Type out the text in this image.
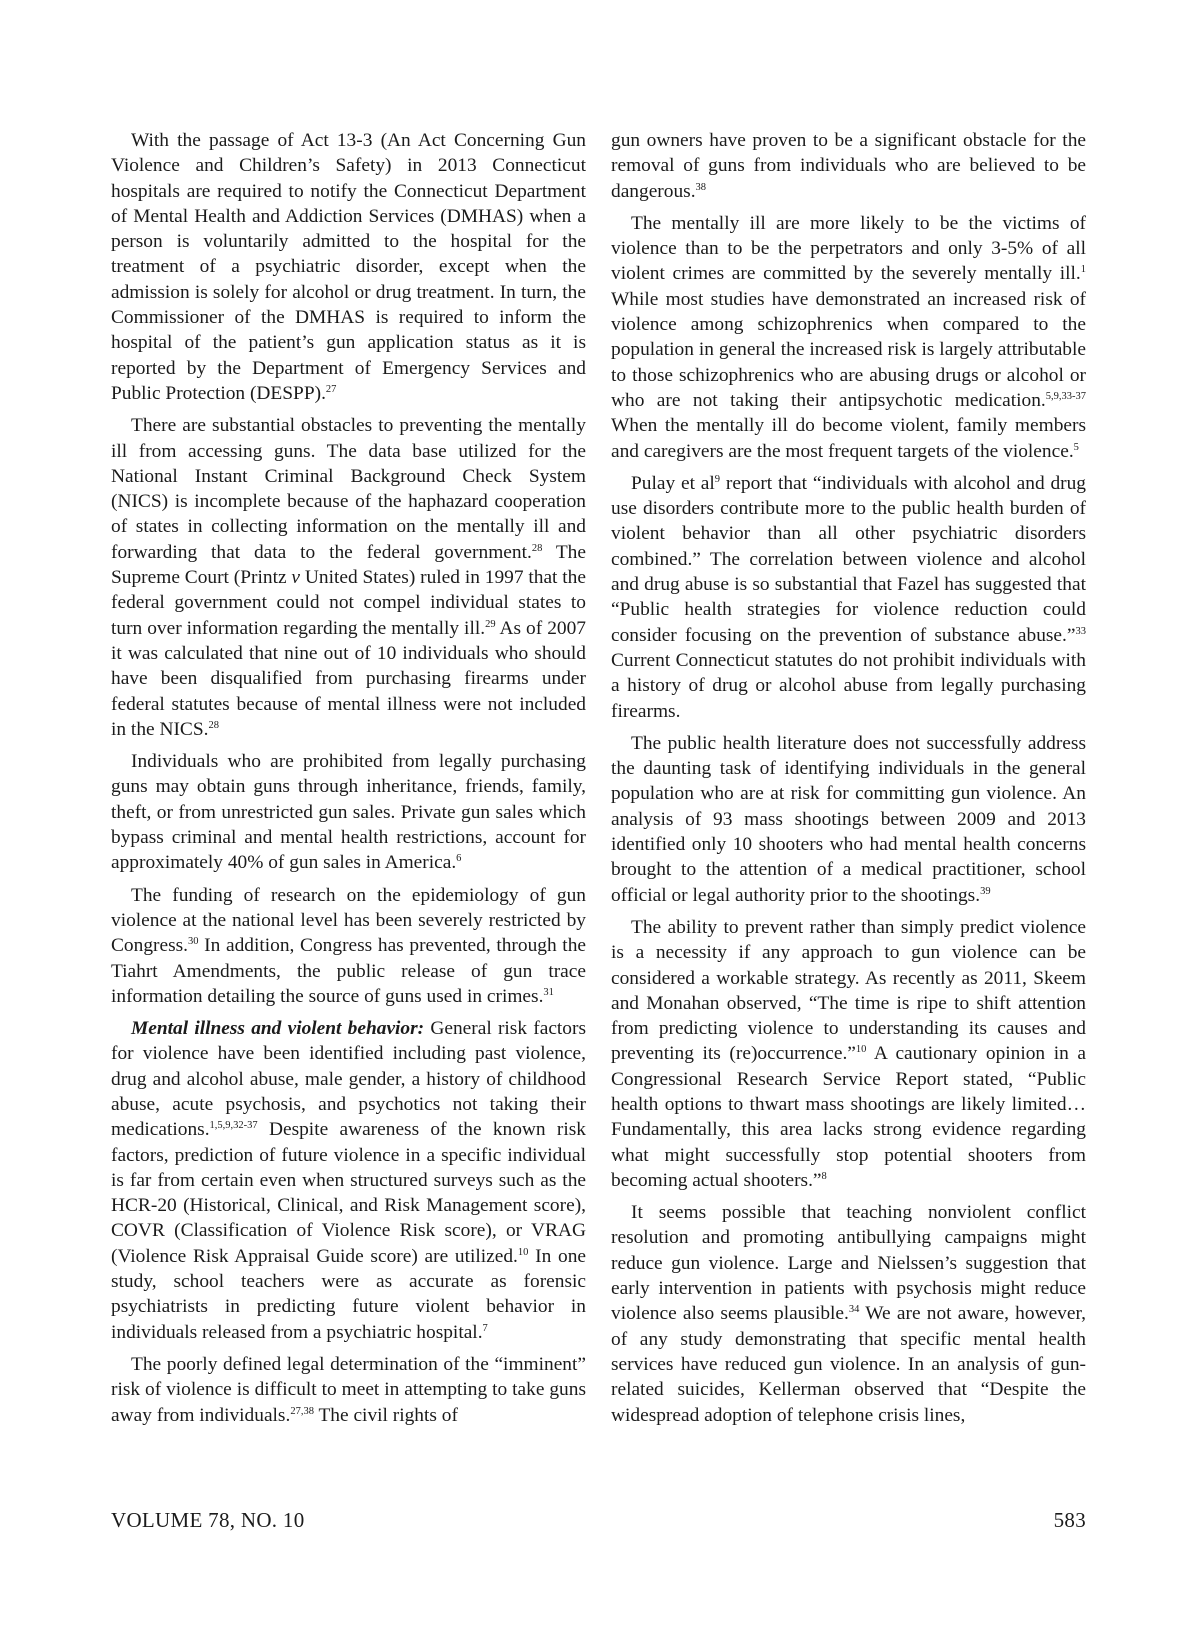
With the passage of Act 13-3 (An Act Concerning Gun Violence and Children’s Safety) in 2013 Connecticut hospitals are required to notify the Connecticut Department of Mental Health and Addiction Services (DMHAS) when a person is voluntarily admitted to the hospital for the treatment of a psychiatric disorder, except when the admission is solely for alcohol or drug treatment. In turn, the Commissioner of the DMHAS is required to inform the hospital of the patient’s gun application status as it is reported by the Department of Emergency Services and Public Protection (DESPP).$^{27}$

There are substantial obstacles to preventing the mentally ill from accessing guns. The data base utilized for the National Instant Criminal Background Check System (NICS) is incomplete because of the haphazard cooperation of states in collecting information on the mentally ill and forwarding that data to the federal government.$^{28}$ The Supreme Court (Printz v United States) ruled in 1997 that the federal government could not compel individual states to turn over information regarding the mentally ill.$^{29}$ As of 2007 it was calculated that nine out of 10 individuals who should have been disqualified from purchasing firearms under federal statutes because of mental illness were not included in the NICS.$^{28}$

Individuals who are prohibited from legally purchasing guns may obtain guns through inheritance, friends, family, theft, or from unrestricted gun sales. Private gun sales which bypass criminal and mental health restrictions, account for approximately 40% of gun sales in America.$^6$

The funding of research on the epidemiology of gun violence at the national level has been severely restricted by Congress.$^{30}$ In addition, Congress has prevented, through the Tiahrt Amendments, the public release of gun trace information detailing the source of guns used in crimes.$^{31}$

Mental illness and violent behavior: General risk factors for violence have been identified including past violence, drug and alcohol abuse, male gender, a history of childhood abuse, acute psychosis, and psychotics not taking their medications.$^{1,5,9,32-37}$ Despite awareness of the known risk factors, prediction of future violence in a specific individual is far from certain even when structured surveys such as the HCR-20 (Historical, Clinical, and Risk Management score), COVR (Classification of Violence Risk score), or VRAG (Violence Risk Appraisal Guide score) are utilized.$^{10}$ In one study, school teachers were as accurate as forensic psychiatrists in predicting future violent behavior in individuals released from a psychiatric hospital.$^7$

The poorly defined legal determination of the “imminent” risk of violence is difficult to meet in attempting to take guns away from individuals.$^{27,38}$ The civil rights of

gun owners have proven to be a significant obstacle for the removal of guns from individuals who are believed to be dangerous.$^{38}$

The mentally ill are more likely to be the victims of violence than to be the perpetrators and only 3-5% of all violent crimes are committed by the severely mentally ill.$^1$ While most studies have demonstrated an increased risk of violence among schizophrenics when compared to the population in general the increased risk is largely attributable to those schizophrenics who are abusing drugs or alcohol or who are not taking their antipsychotic medication.$^{5,9,33-37}$ When the mentally ill do become violent, family members and caregivers are the most frequent targets of the violence.$^5$

Pulay et $al^9$ report that “individuals with alcohol and drug use disorders contribute more to the public health burden of violent behavior than all other psychiatric disorders combined.” The correlation between violence and alcohol and drug abuse is so substantial that Fazel has suggested that “Public health strategies for violence reduction could consider focusing on the prevention of substance abuse.”$^{33}$ Current Connecticut statutes do not prohibit individuals with a history of drug or alcohol abuse from legally purchasing firearms.

The public health literature does not successfully address the daunting task of identifying individuals in the general population who are at risk for committing gun violence. An analysis of 93 mass shootings between 2009 and 2013 identified only 10 shooters who had mental health concerns brought to the attention of a medical practitioner, school official or legal authority prior to the shootings.$^{39}$

The ability to prevent rather than simply predict violence is a necessity if any approach to gun violence can be considered a workable strategy. As recently as 2011, Skeem and Monahan observed, “The time is ripe to shift attention from predicting violence to understanding its causes and preventing its (re)occurrence.”$^{10}$ A cautionary opinion in a Congressional Research Service Report stated, “Public health options to thwart mass shootings are likely limited… Fundamentally, this area lacks strong evidence regarding what might successfully stop potential shooters from becoming actual shooters.”$^8$

It seems possible that teaching nonviolent conflict resolution and promoting antibullying campaigns might reduce gun violence. Large and Nielssen’s suggestion that early intervention in patients with psychosis might reduce violence also seems plausible.$^{34}$ We are not aware, however, of any study demonstrating that specific mental health services have reduced gun violence. In an analysis of gun-related suicides, Kellerman observed that “Despite the widespread adoption of telephone crisis lines,

VOLUME 78, NO. 10	583
